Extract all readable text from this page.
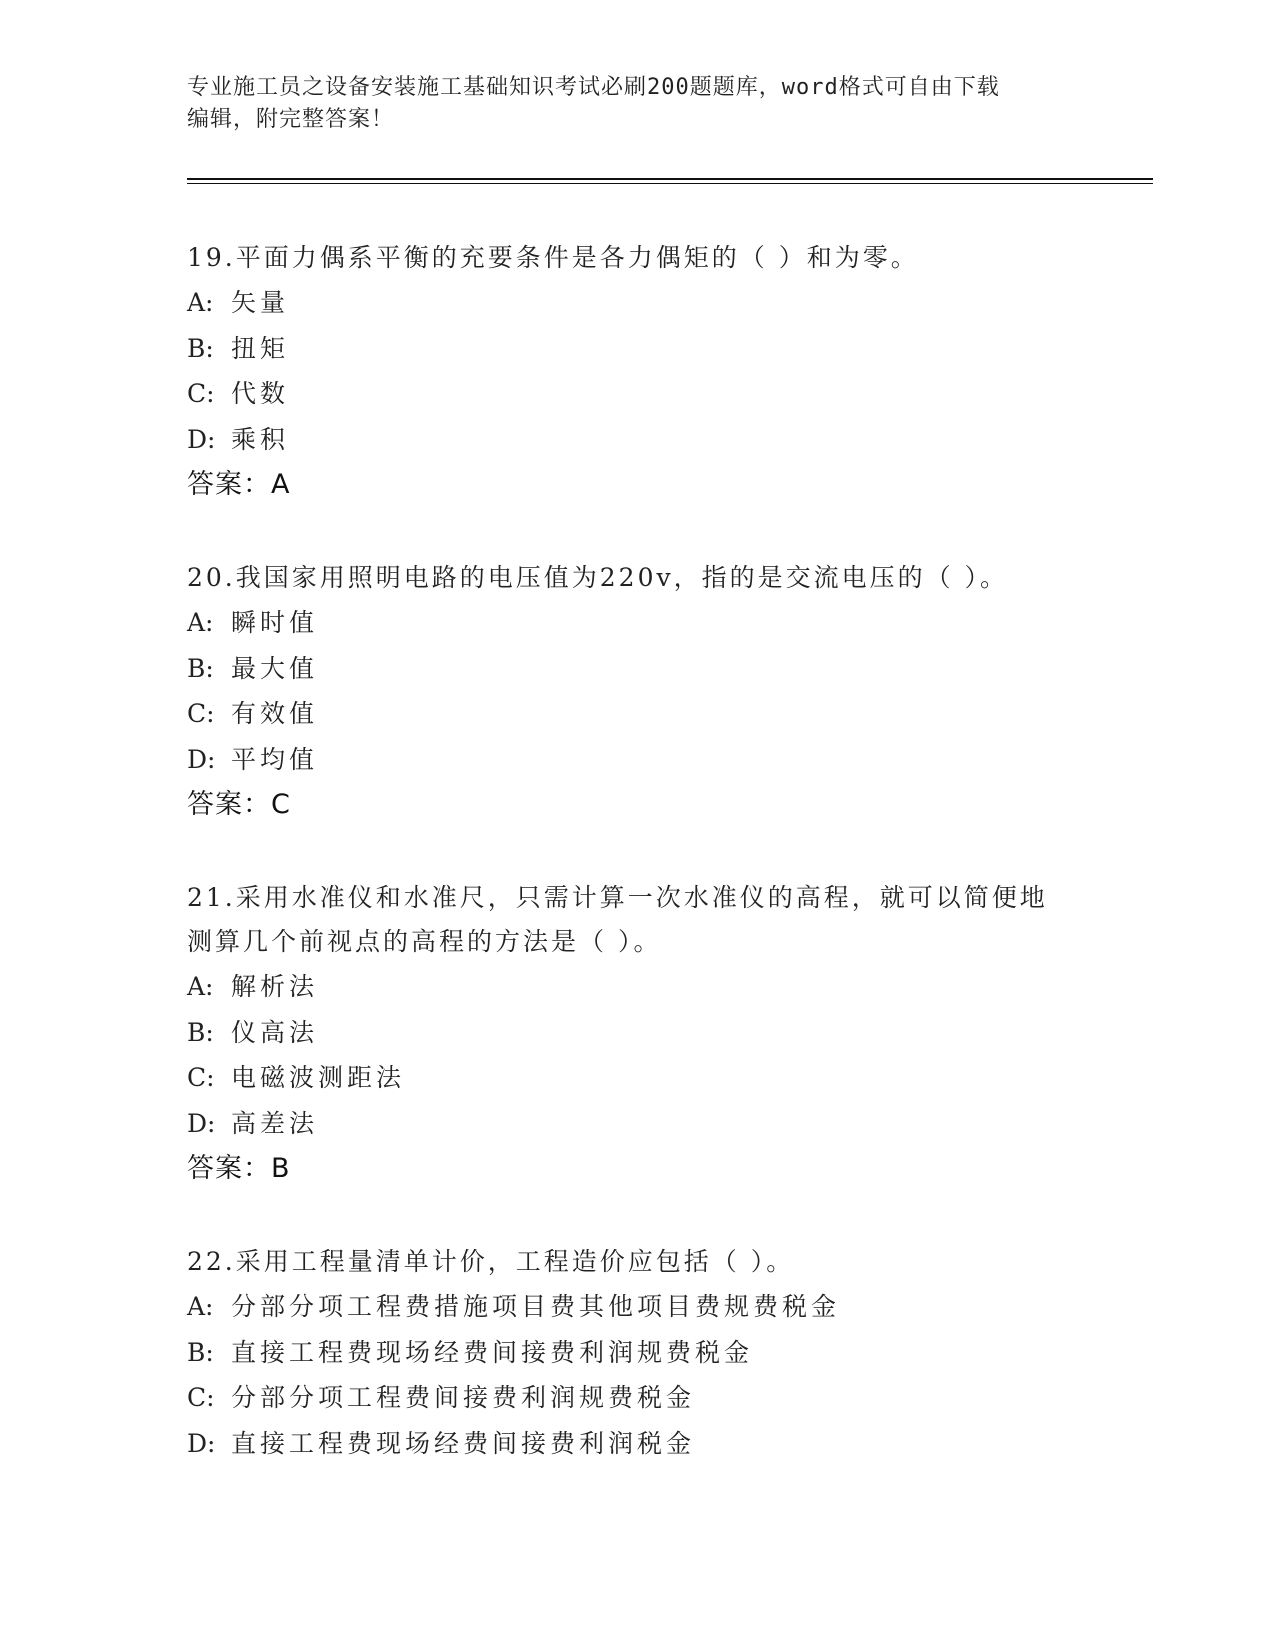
专业施工员之设备安装施工基础知识考试必刷200题题库，word格式可自由下载
编辑，附完整答案！
19.平面力偶系平衡的充要条件是各力偶矩的（ ）和为零。
A: 矢量
B: 扭矩
C: 代数
D: 乘积
答案：A
20.我国家用照明电路的电压值为220v，指的是交流电压的（ ）。
A: 瞬时值
B: 最大值
C: 有效值
D: 平均值
答案：C
21.采用水准仪和水准尺，只需计算一次水准仪的高程，就可以简便地
测算几个前视点的高程的方法是（ ）。
A: 解析法
B: 仪高法
C: 电磁波测距法
D: 高差法
答案：B
22.采用工程量清单计价，工程造价应包括（ ）。
A: 分部分项工程费措施项目费其他项目费规费税金
B: 直接工程费现场经费间接费利润规费税金
C: 分部分项工程费间接费利润规费税金
D: 直接工程费现场经费间接费利润税金
